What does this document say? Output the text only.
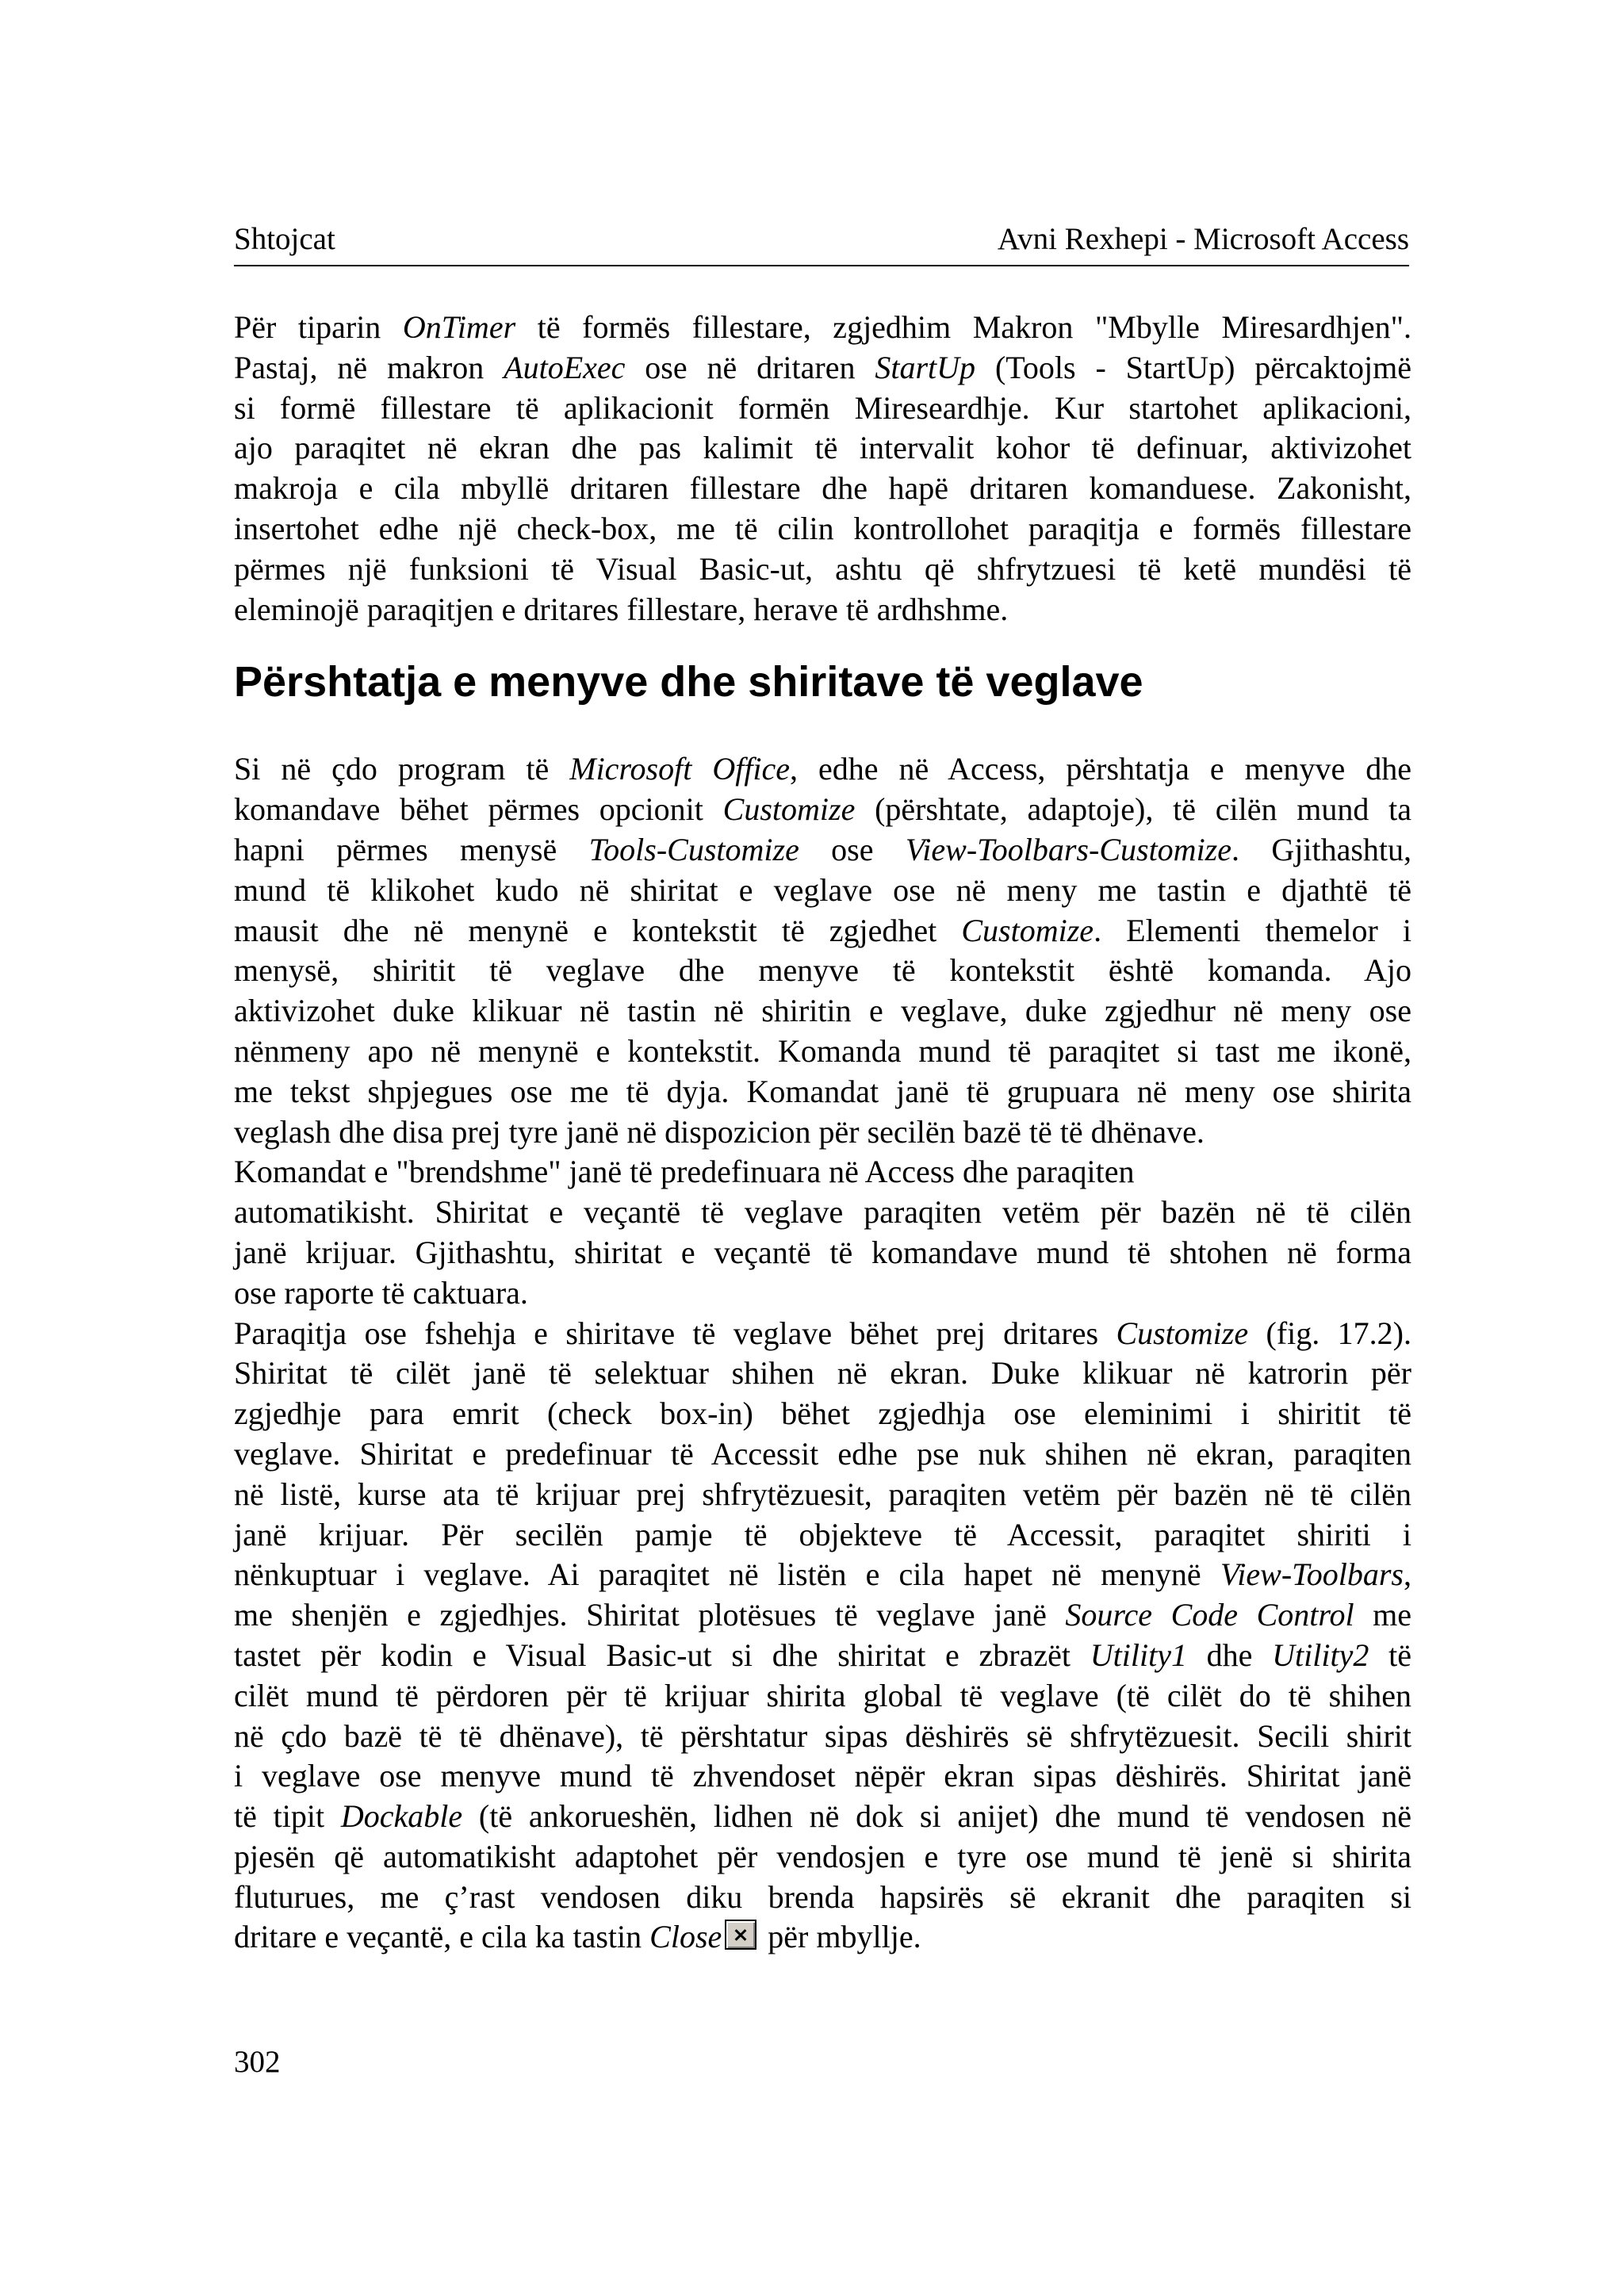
Shtojcat	Avni Rexhepi - Microsoft Access

Për tiparin OnTimer të formës fillestare, zgjedhim Makron "Mbylle Miresardhjen".
Pastaj, në makron AutoExec ose në dritaren StartUp (Tools - StartUp) përcaktojmë
si formë fillestare të aplikacionit formën Mireseardhje. Kur startohet aplikacioni,
ajo paraqitet në ekran dhe pas kalimit të intervalit kohor të definuar, aktivizohet
makroja e cila mbyllë dritaren fillestare dhe hapë dritaren komanduese. Zakonisht,
insertohet edhe një check-box, me të cilin kontrollohet paraqitja e formës fillestare
përmes një funksioni të Visual Basic-ut, ashtu që shfrytzuesi të ketë mundësi të
eleminojë paraqitjen e dritares fillestare, herave të ardhshme.

Përshtatja e menyve dhe shiritave të veglave

Si në çdo program të Microsoft Office, edhe në Access, përshtatja e menyve dhe
komandave bëhet përmes opcionit Customize (përshtate, adaptoje), të cilën mund ta
hapni përmes menysë Tools-Customize ose View-Toolbars-Customize. Gjithashtu,
mund të klikohet kudo në shiritat e veglave ose në meny me tastin e djathtë të
mausit dhe në menynë e kontekstit të zgjedhet Customize. Elementi themelor i
menysë, shiritit të veglave dhe menyve të kontekstit është komanda. Ajo
aktivizohet duke klikuar në tastin në shiritin e veglave, duke zgjedhur në meny ose
nënmeny apo në menynë e kontekstit. Komanda mund të paraqitet si tast me ikonë,
me tekst shpjegues ose me të dyja. Komandat janë të grupuara në meny ose shirita
veglash dhe disa prej tyre janë në dispozicion për secilën bazë të të dhënave.
Komandat e "brendshme" janë të predefinuara në Access dhe paraqiten
automatikisht. Shiritat e veçantë të veglave paraqiten vetëm për bazën në të cilën
janë krijuar. Gjithashtu, shiritat e veçantë të komandave mund të shtohen në forma
ose raporte të caktuara.

Paraqitja ose fshehja e shiritave të veglave bëhet prej dritares Customize (fig. 17.2).
Shiritat të cilët janë të selektuar shihen në ekran. Duke klikuar në katrorin për
zgjedhje para emrit (check box-in) bëhet zgjedhja ose eleminimi i shiritit të
veglave. Shiritat e predefinuar të Accessit edhe pse nuk shihen në ekran, paraqiten
në listë, kurse ata të krijuar prej shfrytëzuesit, paraqiten vetëm për bazën në të cilën
janë krijuar. Për secilën pamje të objekteve të Accessit, paraqitet shiriti i
nënkuptuar i veglave. Ai paraqitet në listën e cila hapet në menynë View-Toolbars,
me shenjën e zgjedhjes. Shiritat plotësues të veglave janë Source Code Control me
tastet për kodin e Visual Basic-ut si dhe shiritat e zbrazët Utility1 dhe Utility2 të
cilët mund të përdoren për të krijuar shirita global të veglave (të cilët do të shihen
në çdo bazë të të dhënave), të përshtatur sipas dëshirës së shfrytëzuesit. Secili shirit
i veglave ose menyve mund të zhvendoset nëpër ekran sipas dëshirës. Shiritat janë
të tipit Dockable (të ankorueshën, lidhen në dok si anijet) dhe mund të vendosen në
pjesën që automatikisht adaptohet për vendosjen e tyre ose mund të jenë si shirita
fluturues, me ç’rast vendosen diku brenda hapsirës së ekranit dhe paraqiten si
dritare e veçantë, e cila ka tastin Close për mbyllje.

302
